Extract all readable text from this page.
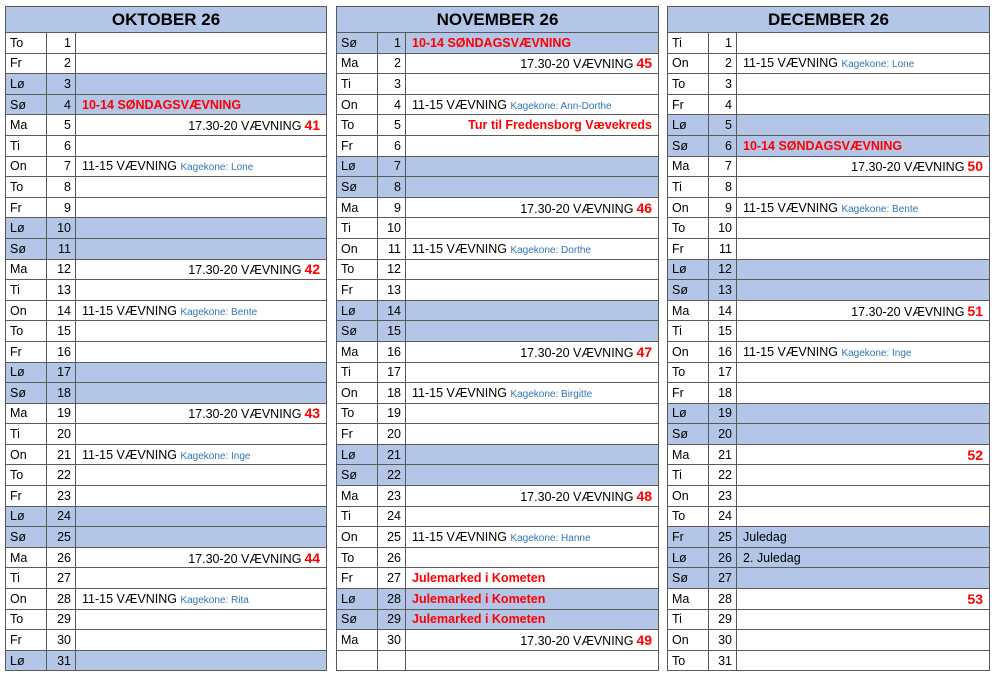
OKTOBER 26		
To	1	
Fr	2	
Lø	3	
Sø	4	10-14 SØNDAGSVÆVNING
Ma	5	17.30-20 VÆVNING 41
Ti	6	
On	7	11-15 VÆVNING Kagekone: Lone
To	8	
Fr	9	
Lø	10	
Sø	11	
Ma	12	17.30-20 VÆVNING 42
Ti	13	
On	14	11-15 VÆVNING Kagekone: Bente
To	15	
Fr	16	
Lø	17	
Sø	18	
Ma	19	17.30-20 VÆVNING 43
Ti	20	
On	21	11-15 VÆVNING Kagekone: Inge
To	22	
Fr	23	
Lø	24	
Sø	25	
Ma	26	17.30-20 VÆVNING 44
Ti	27	
On	28	11-15 VÆVNING Kagekone: Rita
To	29	
Fr	30	
Lø	31	
NOVEMBER 26		
Sø	1	10-14 SØNDAGSVÆVNING
Ma	2	17.30-20 VÆVNING 45
Ti	3	
On	4	11-15 VÆVNING Kagekone: Ann-Dorthe
To	5	Tur til Fredensborg Vævekreds
Fr	6	
Lø	7	
Sø	8	
Ma	9	17.30-20 VÆVNING 46
Ti	10	
On	11	11-15 VÆVNING Kagekone: Dorthe
To	12	
Fr	13	
Lø	14	
Sø	15	
Ma	16	17.30-20 VÆVNING 47
Ti	17	
On	18	11-15 VÆVNING Kagekone: Birgitte
To	19	
Fr	20	
Lø	21	
Sø	22	
Ma	23	17.30-20 VÆVNING 48
Ti	24	
On	25	11-15 VÆVNING Kagekone: Hanne
To	26	
Fr	27	Julemarked i Kometen
Lø	28	Julemarked i Kometen
Sø	29	Julemarked i Kometen
Ma	30	17.30-20 VÆVNING 49

DECEMBER 26		
Ti	1	
On	2	11-15 VÆVNING Kagekone: Lone
To	3	
Fr	4	
Lø	5	
Sø	6	10-14 SØNDAGSVÆVNING
Ma	7	17.30-20 VÆVNING 50
Ti	8	
On	9	11-15 VÆVNING Kagekone: Bente
To	10	
Fr	11	
Lø	12	
Sø	13	
Ma	14	17.30-20 VÆVNING 51
Ti	15	
On	16	11-15 VÆVNING Kagekone: Inge
To	17	
Fr	18	
Lø	19	
Sø	20	
Ma	21	52
Ti	22	
On	23	
To	24	
Fr	25	Juledag
Lø	26	2. Juledag
Sø	27	
Ma	28	53
Ti	29	
On	30	
To	31	
